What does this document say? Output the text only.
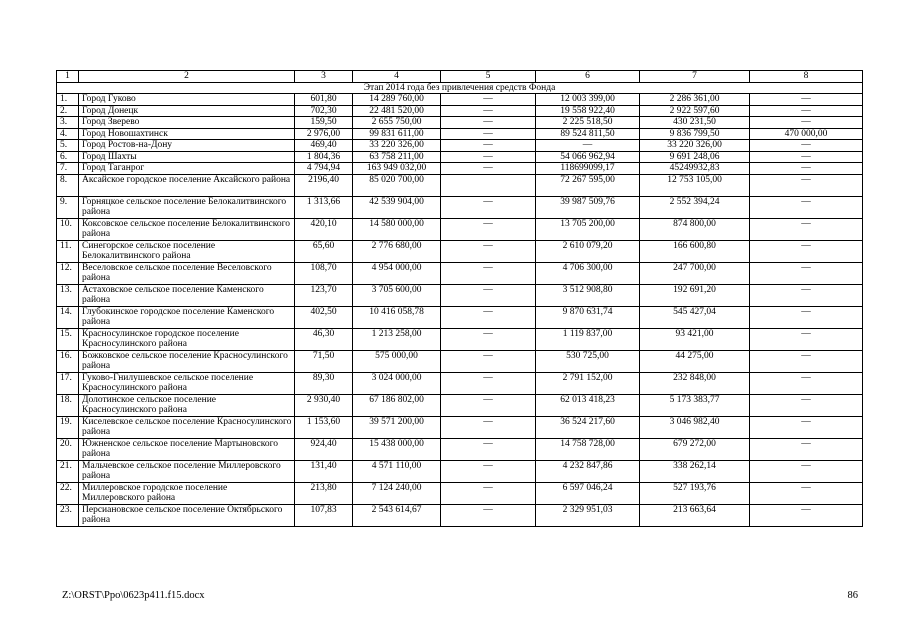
1	2	3	4	5	6	7	8
Этап 2014 года без привлечения средств Фонда							
1.	Город Гуково	601,80	14 289 760,00	—	12 003 399,00	2 286 361,00	—
2.	Город Донецк	702,30	22 481 520,00	—	19 558 922,40	2 922 597,60	—
3.	Город Зверево	159,50	2 655 750,00	—	2 225 518,50	430 231,50	—
4.	Город Новошахтинск	2 976,00	99 831 611,00	—	89 524 811,50	9 836 799,50	470 000,00
5.	Город Ростов-на-Дону	469,40	33 220 326,00	—	—	33 220 326,00	—
6.	Город Шахты	1 804,36	63 758 211,00	—	54 066 962,94	9 691 248,06	—
7.	Город Таганрог	4 794,94	163 949 032,00	—	118699099,17	45249932,83	—
8.	Аксайское городское поселение Аксайского района	2196,40	85 020 700,00		72 267 595,00	12 753 105,00	—
9.	Горняцкое сельское поселение Белокалитвинского района	1 313,66	42 539 904,00	—	39 987 509,76	2 552 394,24	—
10.	Коксовское сельское поселение Белокалитвинского района	420,10	14 580 000,00	—	13 705 200,00	874 800,00	—
11.	Синегорское сельское поселение Белокалитвинского района	65,60	2 776 680,00	—	2 610 079,20	166 600,80	—
12.	Веселовское сельское поселение Веселовского района	108,70	4 954 000,00	—	4 706 300,00	247 700,00	—
13.	Астаховское сельское поселение Каменского района	123,70	3 705 600,00	—	3 512 908,80	192 691,20	—
14.	Глубокинское городское поселение Каменского района	402,50	10 416 058,78	—	9 870 631,74	545 427,04	—
15.	Красносулинское городское поселение Красносулинского района	46,30	1 213 258,00	—	1 119 837,00	93 421,00	—
16.	Божковское сельское поселение Красносулинского района	71,50	575 000,00	—	530 725,00	44 275,00	—
17.	Гуково-Гнилушевское сельское поселение Красносулинского района	89,30	3 024 000,00	—	2 791 152,00	232 848,00	—
18.	Долотинское сельское поселение Красносулинского района	2 930,40	67 186 802,00	—	62 013 418,23	5 173 383,77	—
19.	Киселевское сельское поселение Красносулинского района	1 153,60	39 571 200,00	—	36 524 217,60	3 046 982,40	—
20.	Южненское сельское поселение Мартыновского района	924,40	15 438 000,00	—	14 758 728,00	679 272,00	—
21.	Мальчевское сельское поселение Миллеровского района	131,40	4 571 110,00	—	4 232 847,86	338 262,14	—
22.	Миллеровское городское поселение Миллеровского района	213,80	7 124 240,00	—	6 597 046,24	527 193,76	—
23.	Персиановское сельское поселение Октябрьского района	107,83	2 543 614,67	—	2 329 951,03	213 663,64	—
Z:\ORST\Ppo\0623p411.f15.docx	86
